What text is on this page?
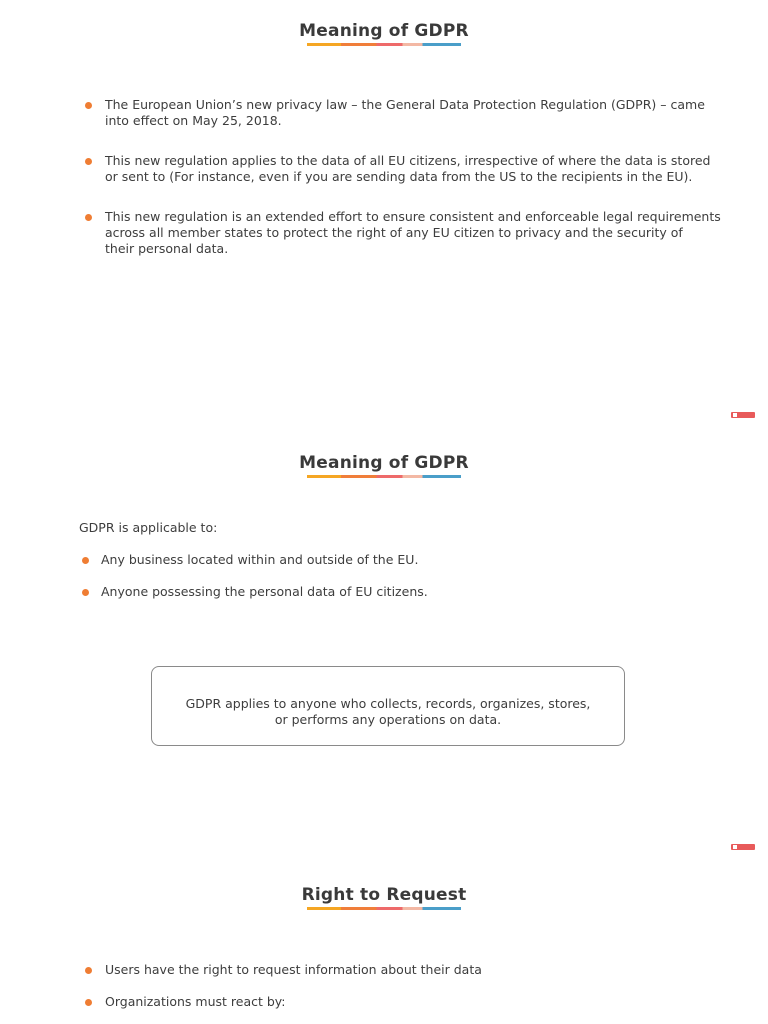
Meaning of GDPR
The European Union’s new privacy law – the General Data Protection Regulation (GDPR) – came
into effect on May 25, 2018.
This new regulation applies to the data of all EU citizens, irrespective of where the data is stored
or sent to (For instance, even if you are sending data from the US to the recipients in the EU).
This new regulation is an extended effort to ensure consistent and enforceable legal requirements
across all member states to protect the right of any EU citizen to privacy and the security of
their personal data.
Meaning of GDPR
GDPR is applicable to:
Any business located within and outside of the EU.
Anyone possessing the personal data of EU citizens.
GDPR applies to anyone who collects, records, organizes, stores,
or performs any operations on data.
Right to Request
Users have the right to request information about their data
Organizations must react by:
